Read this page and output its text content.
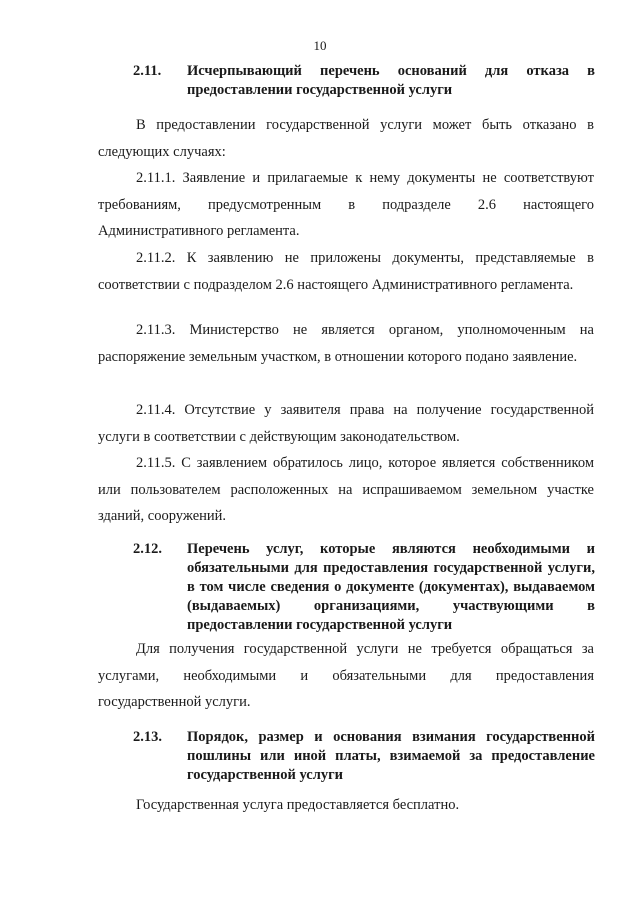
10
2.11. Исчерпывающий перечень оснований для отказа в предоставлении государственной услуги
В предоставлении государственной услуги может быть отказано в следующих случаях:
2.11.1. Заявление и прилагаемые к нему документы не соответствуют требованиям, предусмотренным в подразделе 2.6 настоящего Административного регламента.
2.11.2. К заявлению не приложены документы, представляемые в соответствии с подразделом 2.6 настоящего Административного регламента.
2.11.3. Министерство не является органом, уполномоченным на распоряжение земельным участком, в отношении которого подано заявление.
2.11.4. Отсутствие у заявителя права на получение государственной услуги в соответствии с действующим законодательством.
2.11.5. С заявлением обратилось лицо, которое является собственником или пользователем расположенных на испрашиваемом земельном участке зданий, сооружений.
2.12. Перечень услуг, которые являются необходимыми и обязательными для предоставления государственной услуги, в том числе сведения о документе (документах), выдаваемом (выдаваемых) организациями, участвующими в предоставлении государственной услуги
Для получения государственной услуги не требуется обращаться за услугами, необходимыми и обязательными для предоставления государственной услуги.
2.13. Порядок, размер и основания взимания государственной пошлины или иной платы, взимаемой за предоставление государственной услуги
Государственная услуга предоставляется бесплатно.
